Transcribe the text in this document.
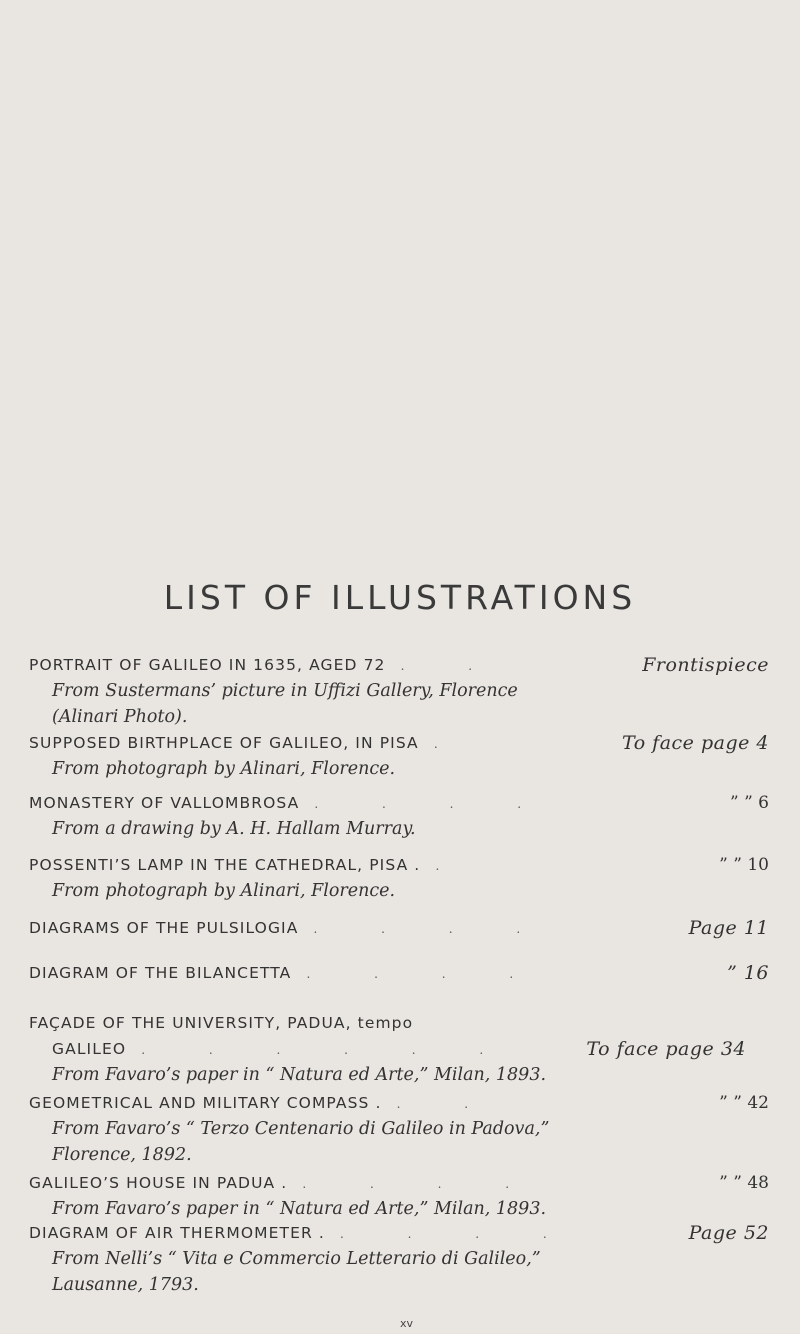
LIST OF ILLUSTRATIONS
PORTRAIT OF GALILEO IN 1635, AGED 72 . .	Frontispiece
From Sustermans’ picture in Uffizi Gallery, Florence
(Alinari Photo).
SUPPOSED BIRTHPLACE OF GALILEO, IN PISA .	To face page 4
From photograph by Alinari, Florence.
MONASTERY OF VALLOMBROSA . . . .	” ” 6
From a drawing by A. H. Hallam Murray.
POSSENTI’S LAMP IN THE CATHEDRAL, PISA . .	” ” 10
From photograph by Alinari, Florence.
DIAGRAMS OF THE PULSILOGIA . . . .	Page 11
DIAGRAM OF THE BILANCETTA . . . .	” 16
FAÇADE OF THE UNIVERSITY, PADUA, tempo
GALILEO . . . . . .	To face page 34
From Favaro’s paper in “ Natura ed Arte,” Milan, 1893.
GEOMETRICAL AND MILITARY COMPASS . . .	” ” 42
From Favaro’s “ Terzo Centenario di Galileo in Padova,”
Florence, 1892.
GALILEO’S HOUSE IN PADUA . . . . .	” ” 48
From Favaro’s paper in “ Natura ed Arte,” Milan, 1893.
DIAGRAM OF AIR THERMOMETER . . . . .	Page 52
From Nelli’s “ Vita e Commercio Letterario di Galileo,”
Lausanne, 1793.
xv
